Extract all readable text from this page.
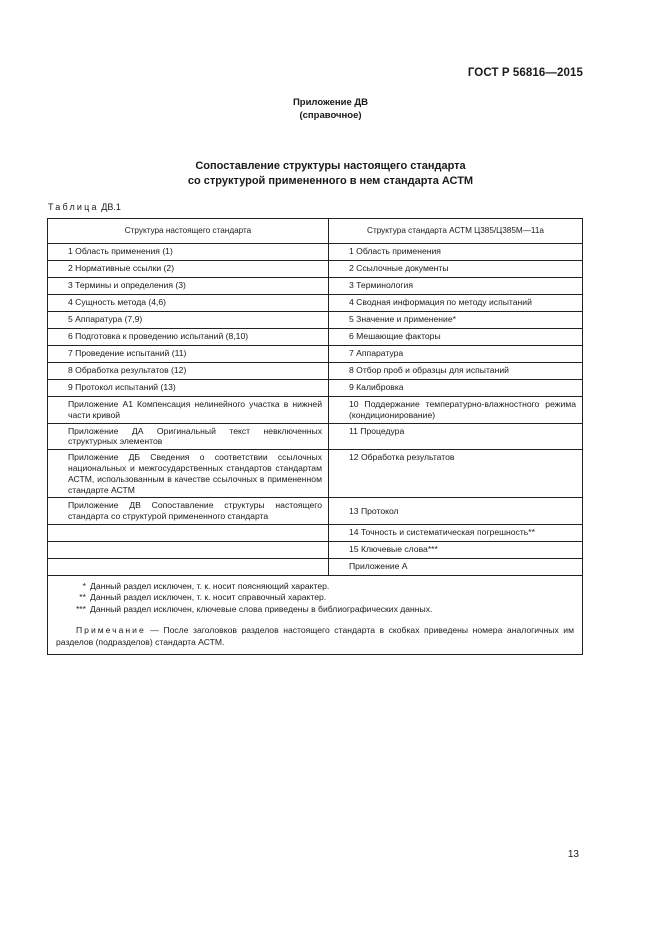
ГОСТ Р 56816—2015
Приложение ДВ
(справочное)
Сопоставление структуры настоящего стандарта
со структурой примененного в нем стандарта АСТМ
Таблица ДВ.1
Структура настоящего стандарта	Структура стандарта АСТМ Ц385/Ц385М—11а
1 Область применения (1)	1 Область применения
2 Нормативные ссылки (2)	2 Ссылочные документы
3 Термины и определения (3)	3 Терминология
4 Сущность метода (4,6)	4 Сводная информация по методу испытаний
5 Аппаратура (7,9)	5 Значение и применение*
6 Подготовка к проведению испытаний (8,10)	6 Мешающие факторы
7 Проведение испытаний (11)	7 Аппаратура
8 Обработка результатов (12)	8 Отбор проб и образцы для испытаний
9 Протокол испытаний (13)	9 Калибровка
Приложение А1 Компенсация нелинейного участка в нижней части кривой	10 Поддержание температурно-влажностного режима (кондиционирование)
Приложение ДА Оригинальный текст невключенных структурных элементов	11 Процедура
Приложение ДБ Сведения о соответствии ссылочных национальных и межгосударственных стандартов стандартам АСТМ, использованным в качестве ссылочных в примененном стандарте АСТМ	12 Обработка результатов
Приложение ДВ Сопоставление структуры настоящего стандарта со структурой примененного стандарта	13 Протокол
	14 Точность и систематическая погрешность**
	15 Ключевые слова***
	Приложение А

* Данный раздел исключен, т. к. носит поясняющий характер.
** Данный раздел исключен, т. к. носит справочный характер.
*** Данный раздел исключен, ключевые слова приведены в библиографических данных.
Примечание — После заголовков разделов настоящего стандарта в скобках приведены номера аналогичных им разделов (подразделов) стандарта АСТМ.	
13
